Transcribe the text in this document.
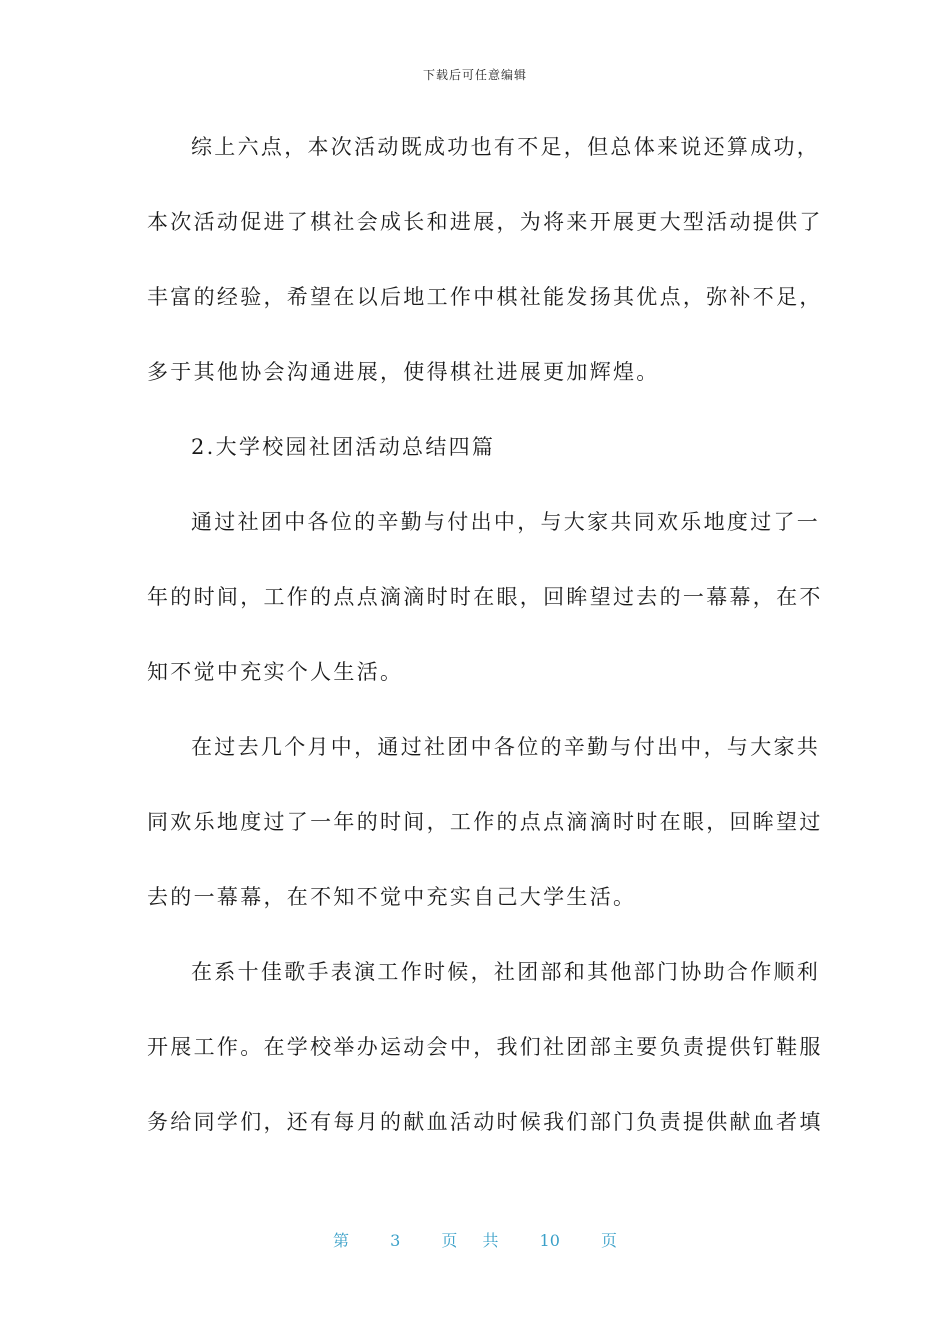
下载后可任意编辑
综上六点，本次活动既成功也有不足，但总体来说还算成功，
本次活动促进了棋社会成长和进展，为将来开展更大型活动提供了
丰富的经验，希望在以后地工作中棋社能发扬其优点，弥补不足，
多于其他协会沟通进展，使得棋社进展更加辉煌。
2.大学校园社团活动总结四篇
通过社团中各位的辛勤与付出中，与大家共同欢乐地度过了一
年的时间，工作的点点滴滴时时在眼，回眸望过去的一幕幕，在不
知不觉中充实个人生活。
在过去几个月中，通过社团中各位的辛勤与付出中，与大家共
同欢乐地度过了一年的时间，工作的点点滴滴时时在眼，回眸望过
去的一幕幕，在不知不觉中充实自己大学生活。
在系十佳歌手表演工作时候，社团部和其他部门协助合作顺利
开展工作。在学校举办运动会中，我们社团部主要负责提供钉鞋服
务给同学们，还有每月的献血活动时候我们部门负责提供献血者填
第	3	页 共	10	页
